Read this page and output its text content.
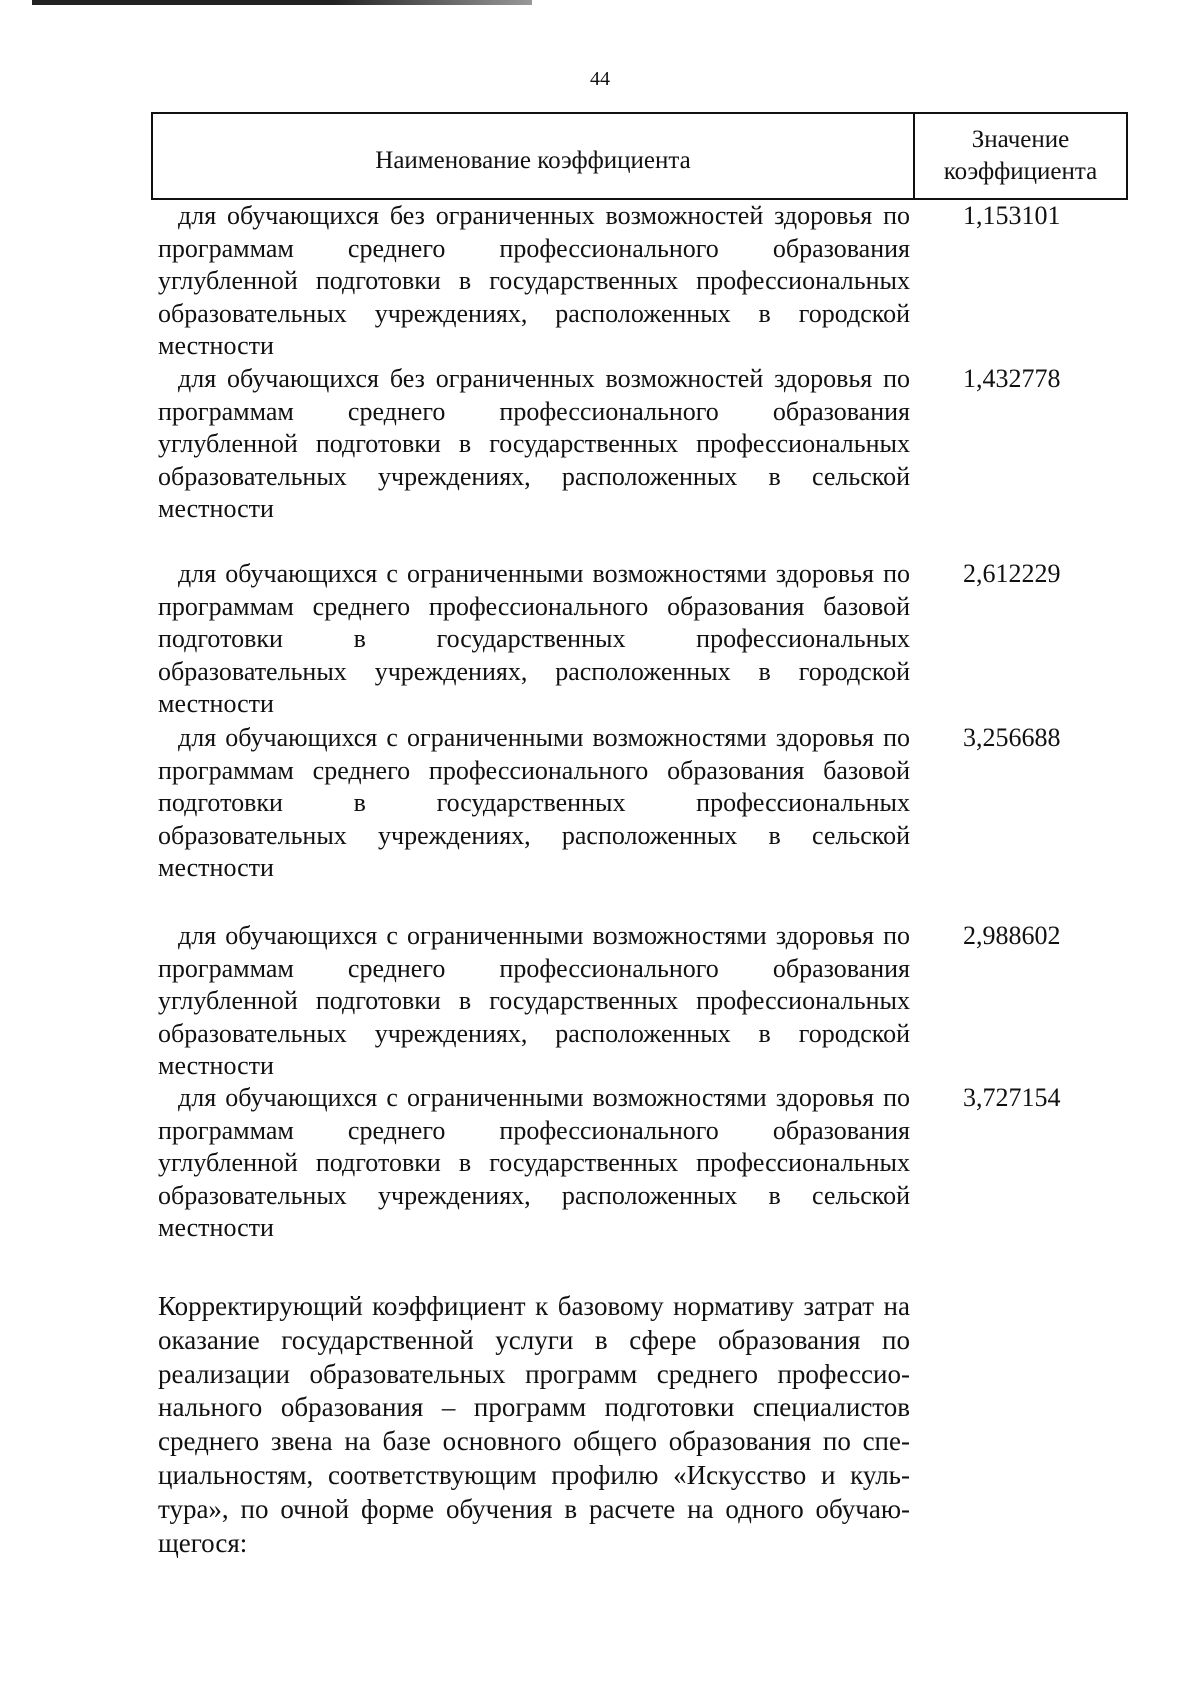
44
Наименование коэффициента
Значение
коэффициента
для обучающихся без ограниченных возможностей здоровья по программам среднего профессионального образования углубленной подготовки в государственных профессиональных образовательных учреждениях, расположенных в городской местности
1,153101
для обучающихся без ограниченных возможностей здоровья по программам среднего профессионального образования углубленной подготовки в государственных профессиональных образовательных учреждениях, расположенных в сельской местности
1,432778
для обучающихся с ограниченными возможностями здоровья по программам среднего профессионального образования базовой подготовки в государственных профессиональных образовательных учреждениях, расположенных в городской местности
2,612229
для обучающихся с ограниченными возможностями здоровья по программам среднего профессионального образования базовой подготовки в государственных профессиональных образовательных учреждениях, расположенных в сельской местности
3,256688
для обучающихся с ограниченными возможностями здоровья по программам среднего профессионального образования углубленной подготовки в государственных профессиональных образовательных учреждениях, расположенных в городской местности
2,988602
для обучающихся с ограниченными возможностями здоровья по программам среднего профессионального образования углубленной подготовки в государственных профессиональных образовательных учреждениях, расположенных в сельской местности
3,727154
Корректирующий коэффициент к базовому нормативу затрат на оказание государственной услуги в сфере образования по реализации образовательных программ среднего профессионального образования – программ подготовки специалистов среднего звена на базе основного общего образования по специальностям, соответствующим профилю «Искусство и культура», по очной форме обучения в расчете на одного обучающегося:
